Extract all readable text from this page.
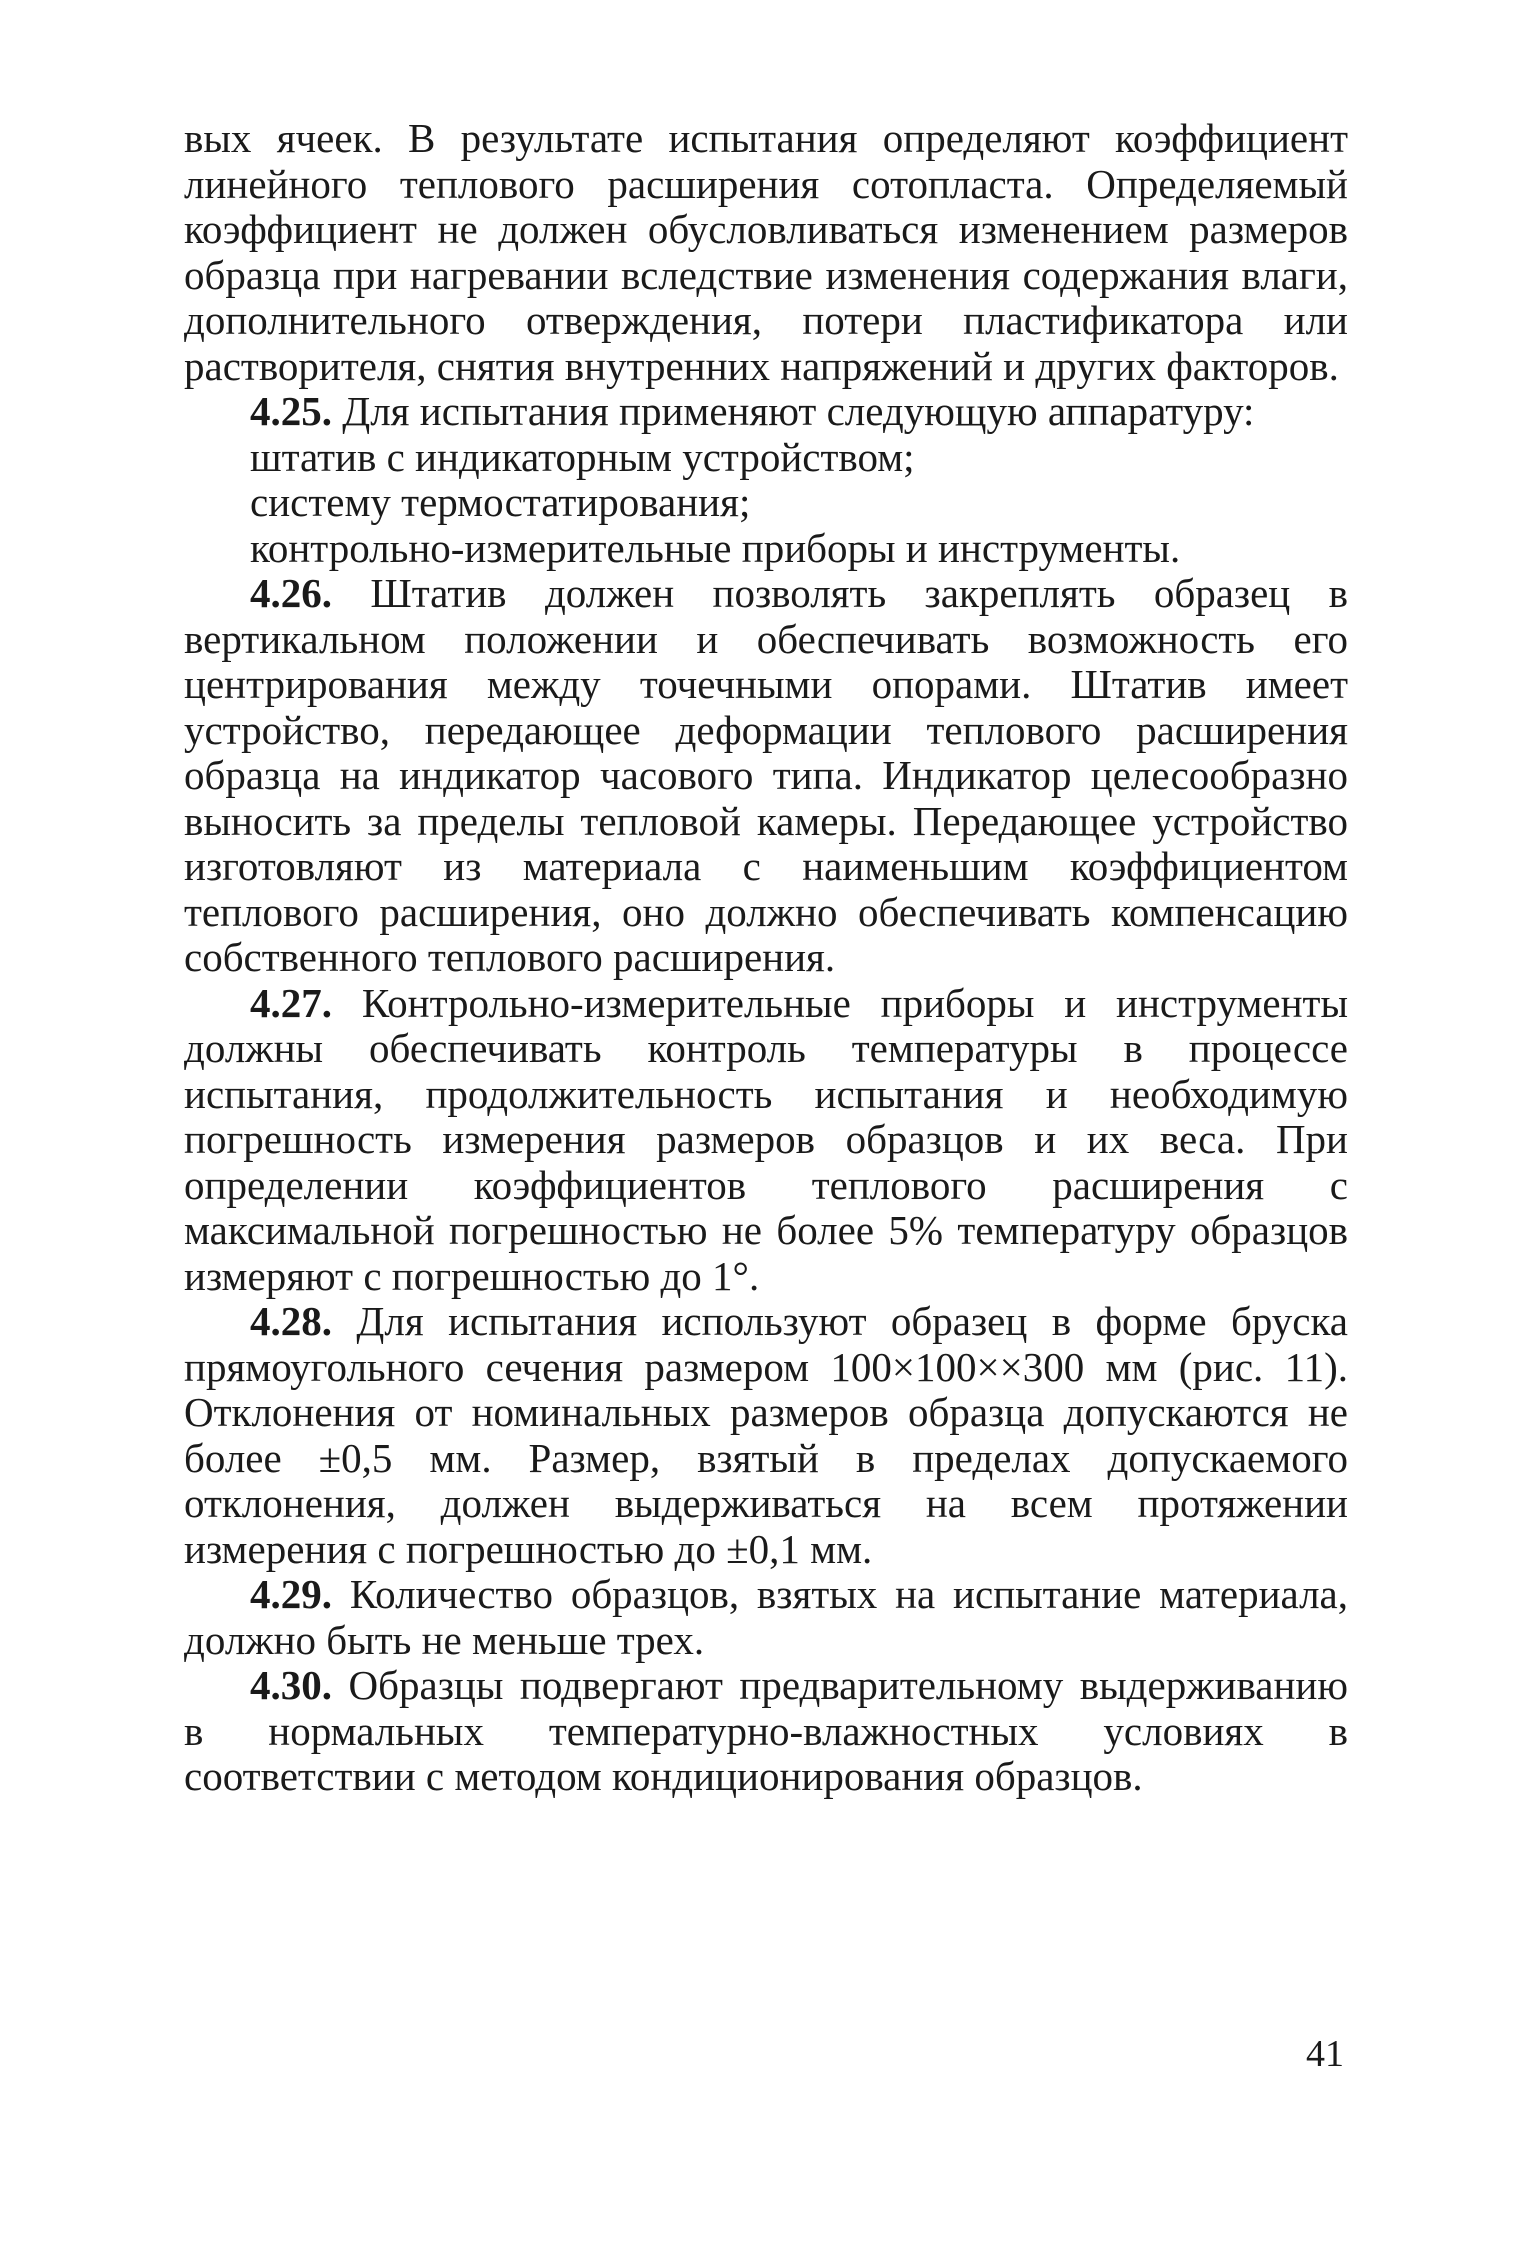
вых ячеек. В результате испытания определяют коэффициент линейного теплового расширения сотопласта. Определяемый коэффициент не должен обусловливаться изменением размеров образца при нагревании вследствие изменения содержания влаги, дополнительного отверждения, потери пластификатора или растворителя, снятия внутренних напряжений и других факторов.

4.25. Для испытания применяют следующую аппаратуру:

штатив с индикаторным устройством;

систему термостатирования;

контрольно-измерительные приборы и инструменты.

4.26. Штатив должен позволять закреплять образец в вертикальном положении и обеспечивать возможность его центрирования между точечными опорами. Штатив имеет устройство, передающее деформации теплового расширения образца на индикатор часового типа. Индикатор целесообразно выносить за пределы тепловой камеры. Передающее устройство изготовляют из материала с наименьшим коэффициентом теплового расширения, оно должно обеспечивать компенсацию собственного теплового расширения.

4.27. Контрольно-измерительные приборы и инструменты должны обеспечивать контроль температуры в процессе испытания, продолжительность испытания и необходимую погрешность измерения размеров образцов и их веса. При определении коэффициентов теплового расширения с максимальной погрешностью не более 5% температуру образцов измеряют с погрешностью до 1°.

4.28. Для испытания используют образец в форме бруска прямоугольного сечения размером 100×100××300 мм (рис. 11). Отклонения от номинальных размеров образца допускаются не более ±0,5 мм. Размер, взятый в пределах допускаемого отклонения, должен выдерживаться на всем протяжении измерения с погрешностью до ±0,1 мм.

4.29. Количество образцов, взятых на испытание материала, должно быть не меньше трех.

4.30. Образцы подвергают предварительному выдерживанию в нормальных температурно-влажностных условиях в соответствии с методом кондиционирования образцов.

41
